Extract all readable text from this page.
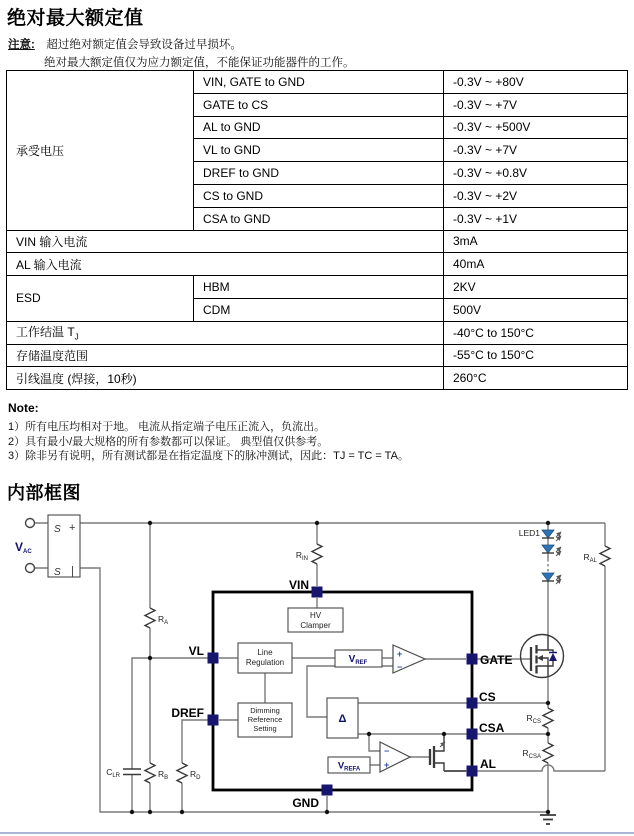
绝对最大额定值
注意:　 超过绝对额定值会导致设备过早损坏。
绝对最大额定值仅为应力额定值，不能保证功能器件的工作。
承受电压	VIN, GATE to GND	-0.3V ~ +80V
	GATE to CS	-0.3V ~ +7V
	AL to GND	-0.3V ~ +500V
	VL to GND	-0.3V ~ +7V
	DREF to GND	-0.3V ~ +0.8V
	CS to GND	-0.3V ~ +2V
	CSA to GND	-0.3V ~ +1V
VIN 输入电流		3mA
AL 输入电流		40mA
ESD	HBM	2KV
	CDM	500V
工作结温 $T_J$		-40°C to 150°C
存储温度范围		-55°C to 150°C
引线温度 (焊接，10秒)		260°C
Note:
1）所有电压均相对于地。 电流从指定端子电压正流入，负流出。
2）具有最小/最大规格的所有参数都可以保证。 典型值仅供参考。
3）除非另有说明，所有测试都是在指定温度下的脉冲测试，因此：TJ = TC = TA。
内部框图
VAC
S +
S |
$R_A$
$R_B$	$R_D$
$C_{LR}$
$R_{IN}$	$R_{AL}$
$R_{CS}$
$R_{CSA}$
LED1
HV
Clamper
Line
Regulation
Dimming
Reference
Setting
$V_{REF}$
Δ
$V_{REFA}$
+
−
−
+
VIN
VL
DREF
GND
GATE
CS
CSA
AL
